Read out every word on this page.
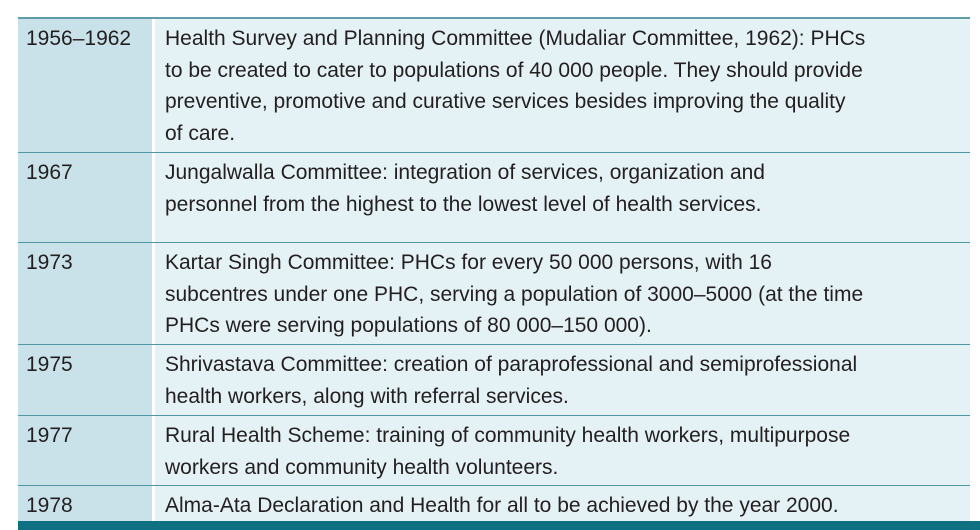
1956–1962	Health Survey and Planning Committee (Mudaliar Committee, 1962): PHCs
to be created to cater to populations of 40 000 people. They should provide
preventive, promotive and curative services besides improving the quality
of care.
1967	Jungalwalla Committee: integration of services, organization and
personnel from the highest to the lowest level of health services.
1973	Kartar Singh Committee: PHCs for every 50 000 persons, with 16
subcentres under one PHC, serving a population of 3000–5000 (at the time
PHCs were serving populations of 80 000–150 000).
1975	Shrivastava Committee: creation of paraprofessional and semiprofessional
health workers, along with referral services.
1977	Rural Health Scheme: training of community health workers, multipurpose
workers and community health volunteers.
1978	Alma-Ata Declaration and Health for all to be achieved by the year 2000.
